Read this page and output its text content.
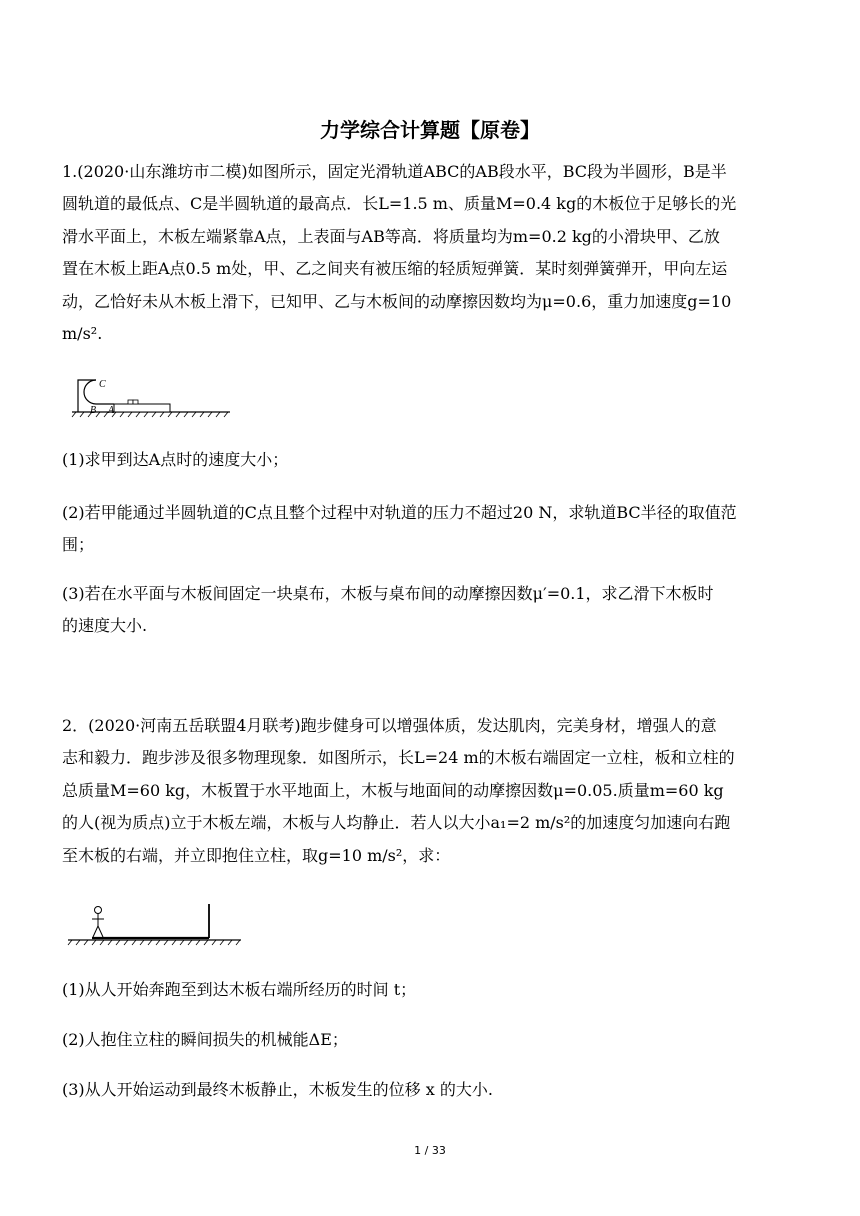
力学综合计算题【原卷】
1.(2020·山东潍坊市二模)如图所示，固定光滑轨道ABC的AB段水平，BC段为半圆形，B是半
圆轨道的最低点、C是半圆轨道的最高点．长L=1.5 m、质量M=0.4 kg的木板位于足够长的光
滑水平面上，木板左端紧靠A点，上表面与AB等高．将质量均为m=0.2 kg的小滑块甲、乙放
置在木板上距A点0.5 m处，甲、乙之间夹有被压缩的轻质短弹簧．某时刻弹簧弹开，甲向左运
动，乙恰好未从木板上滑下，已知甲、乙与木板间的动摩擦因数均为μ=0.6，重力加速度g=10
m/s².
C
B A
(1)求甲到达A点时的速度大小；
(2)若甲能通过半圆轨道的C点且整个过程中对轨道的压力不超过20 N，求轨道BC半径的取值范
围；
(3)若在水平面与木板间固定一块桌布，木板与桌布间的动摩擦因数μ′=0.1，求乙滑下木板时
的速度大小.
2．(2020·河南五岳联盟4月联考)跑步健身可以增强体质，发达肌肉，完美身材，增强人的意
志和毅力．跑步涉及很多物理现象．如图所示，长L=24 m的木板右端固定一立柱，板和立柱的
总质量M=60 kg，木板置于水平地面上，木板与地面间的动摩擦因数μ=0.05.质量m=60 kg
的人(视为质点)立于木板左端，木板与人均静止．若人以大小a₁=2 m/s²的加速度匀加速向右跑
至木板的右端，并立即抱住立柱，取g=10 m/s²，求：
(1)从人开始奔跑至到达木板右端所经历的时间 t；
(2)人抱住立柱的瞬间损失的机械能ΔE；
(3)从人开始运动到最终木板静止，木板发生的位移 x 的大小.
1 / 33
